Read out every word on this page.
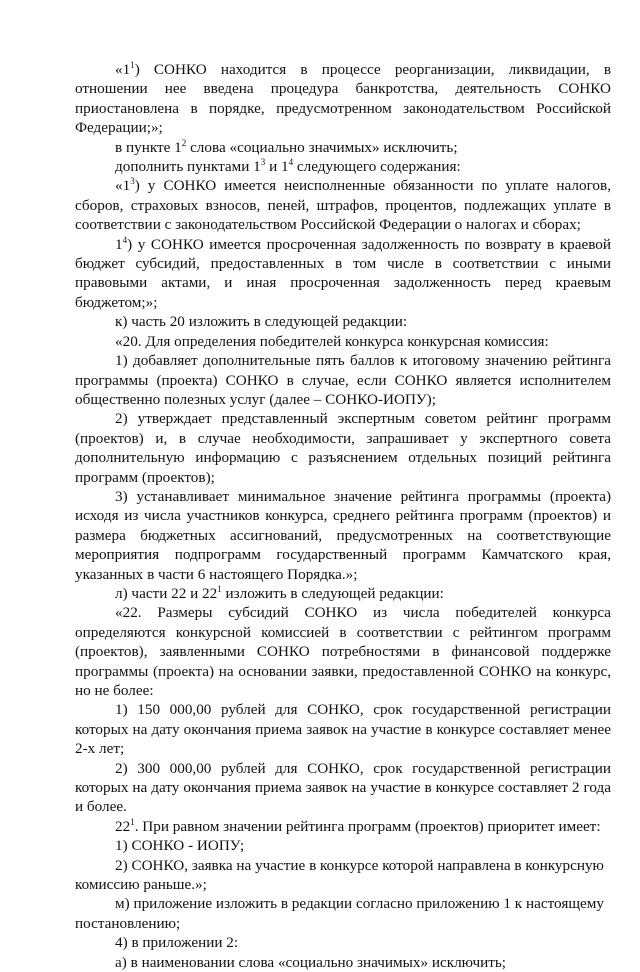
«$1^1$) СОНКО находится в процессе реорганизации, ликвидации, в отношении нее введена процедура банкротства, деятельность СОНКО приостановлена в порядке, предусмотренном законодательством Российской Федерации;»;

в пункте $1^2$ слова «социально значимых» исключить;

дополнить пунктами $1^3$ и $1^4$ следующего содержания:

«$1^3$) у СОНКО имеется неисполненные обязанности по уплате налогов, сборов, страховых взносов, пеней, штрафов, процентов, подлежащих уплате в соответствии с законодательством Российской Федерации о налогах и сборах;

$1^4$) у СОНКО имеется просроченная задолженность по возврату в краевой бюджет субсидий, предоставленных в том числе в соответствии с иными правовыми актами, и иная просроченная задолженность перед краевым бюджетом;»;

к) часть 20 изложить в следующей редакции:

«20. Для определения победителей конкурса конкурсная комиссия:

1) добавляет дополнительные пять баллов к итоговому значению рейтинга программы (проекта) СОНКО в случае, если СОНКО является исполнителем общественно полезных услуг (далее – СОНКО-ИОПУ);

2) утверждает представленный экспертным советом рейтинг программ (проектов) и, в случае необходимости, запрашивает у экспертного совета дополнительную информацию с разъяснением отдельных позиций рейтинга программ (проектов);

3) устанавливает минимальное значение рейтинга программы (проекта) исходя из числа участников конкурса, среднего рейтинга программ (проектов) и размера бюджетных ассигнований, предусмотренных на соответствующие мероприятия подпрограмм государственный программ Камчатского края, указанных в части 6 настоящего Порядка.»;

л) части 22 и $22^1$ изложить в следующей редакции:

«22. Размеры субсидий СОНКО из числа победителей конкурса определяются конкурсной комиссией в соответствии с рейтингом программ (проектов), заявленными СОНКО потребностями в финансовой поддержке программы (проекта) на основании заявки, предоставленной СОНКО на конкурс, но не более:

1) 150 000,00 рублей для СОНКО, срок государственной регистрации которых на дату окончания приема заявок на участие в конкурсе составляет менее 2-х лет;

2) 300 000,00 рублей для СОНКО, срок государственной регистрации которых на дату окончания приема заявок на участие в конкурсе составляет 2 года и более.

$22^1$. При равном значении рейтинга программ (проектов) приоритет имеет:

1) СОНКО - ИОПУ;

2) СОНКО, заявка на участие в конкурсе которой направлена в конкурсную комиссию раньше.»;

м) приложение изложить в редакции согласно приложению 1 к настоящему постановлению;

4) в приложении 2:

а) в наименовании слова «социально значимых» исключить;
